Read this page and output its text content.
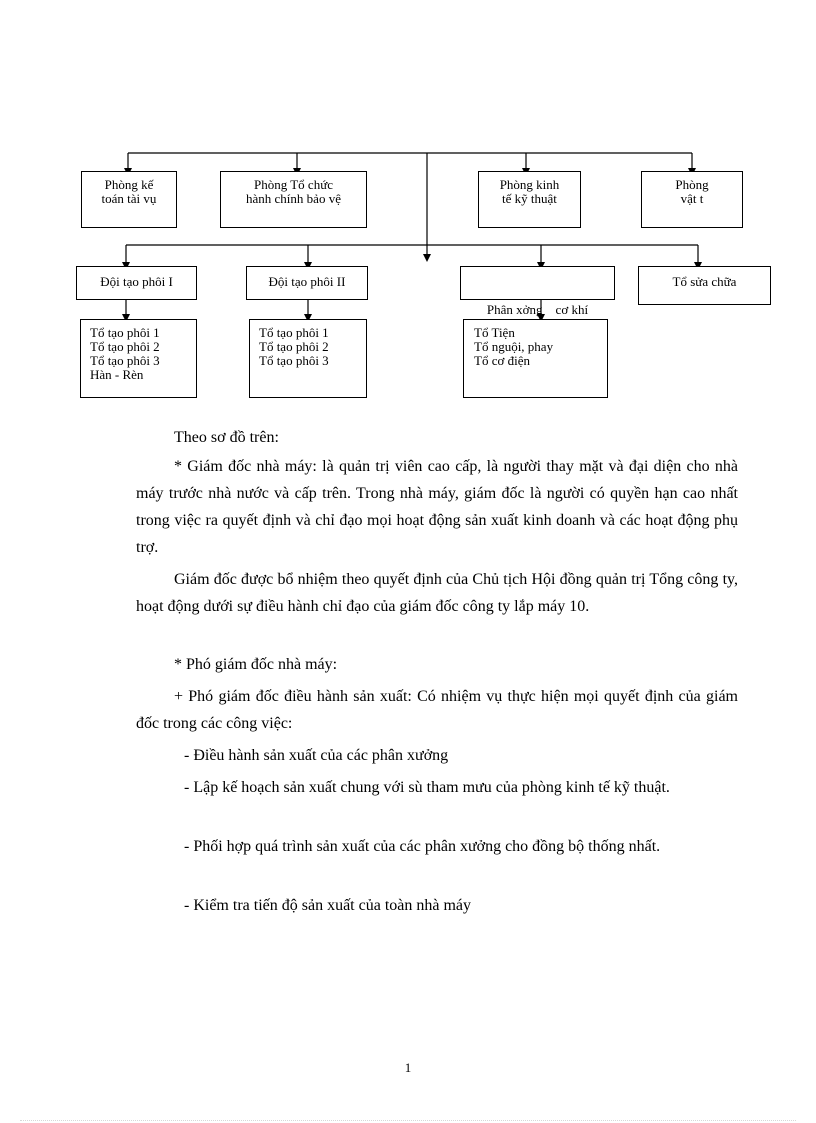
Phòng kế
toán tài vụ
Phòng Tổ chức
hành chính bảo vệ
Phòng kinh
tế kỹ thuật
Phòng
vật t
Đội tạo phôi I	Đội tạo phôi II

Phân xởng    cơ khí

Tổ sửa chữa
Tổ tạo phôi 1
Tổ tạo phôi 2
Tổ tạo phôi 3
Hàn - Rèn
Tổ tạo phôi 1
Tổ tạo phôi 2
Tổ tạo phôi 3
Tổ Tiện
Tổ nguội, phay
Tổ cơ điện

Theo sơ đồ trên:

* Giám đốc nhà máy: là quản trị viên cao cấp, là người thay mặt và đại diện cho nhà máy trước nhà nước và cấp trên. Trong nhà máy, giám đốc là người có quyền hạn cao nhất trong việc ra quyết định và chỉ đạo mọi hoạt động sản xuất kinh doanh và các hoạt động phụ trợ.

Giám đốc được bổ nhiệm theo quyết định của Chủ tịch Hội đồng quản trị Tổng công ty, hoạt động dưới sự điều hành chỉ đạo của giám đốc công ty lắp máy 10.

* Phó giám đốc nhà máy:

+ Phó giám đốc điều hành sản xuất: Có nhiệm vụ thực hiện mọi quyết định của giám đốc trong các công việc:

- Điều hành sản xuất của các phân xưởng

- Lập kế hoạch sản xuất chung với sù tham mưu của phòng kinh tế kỹ thuật.

- Phối hợp quá trình sản xuất của các phân xưởng cho đồng bộ thống nhất.

- Kiểm tra tiến độ sản xuất của toàn nhà máy

1
